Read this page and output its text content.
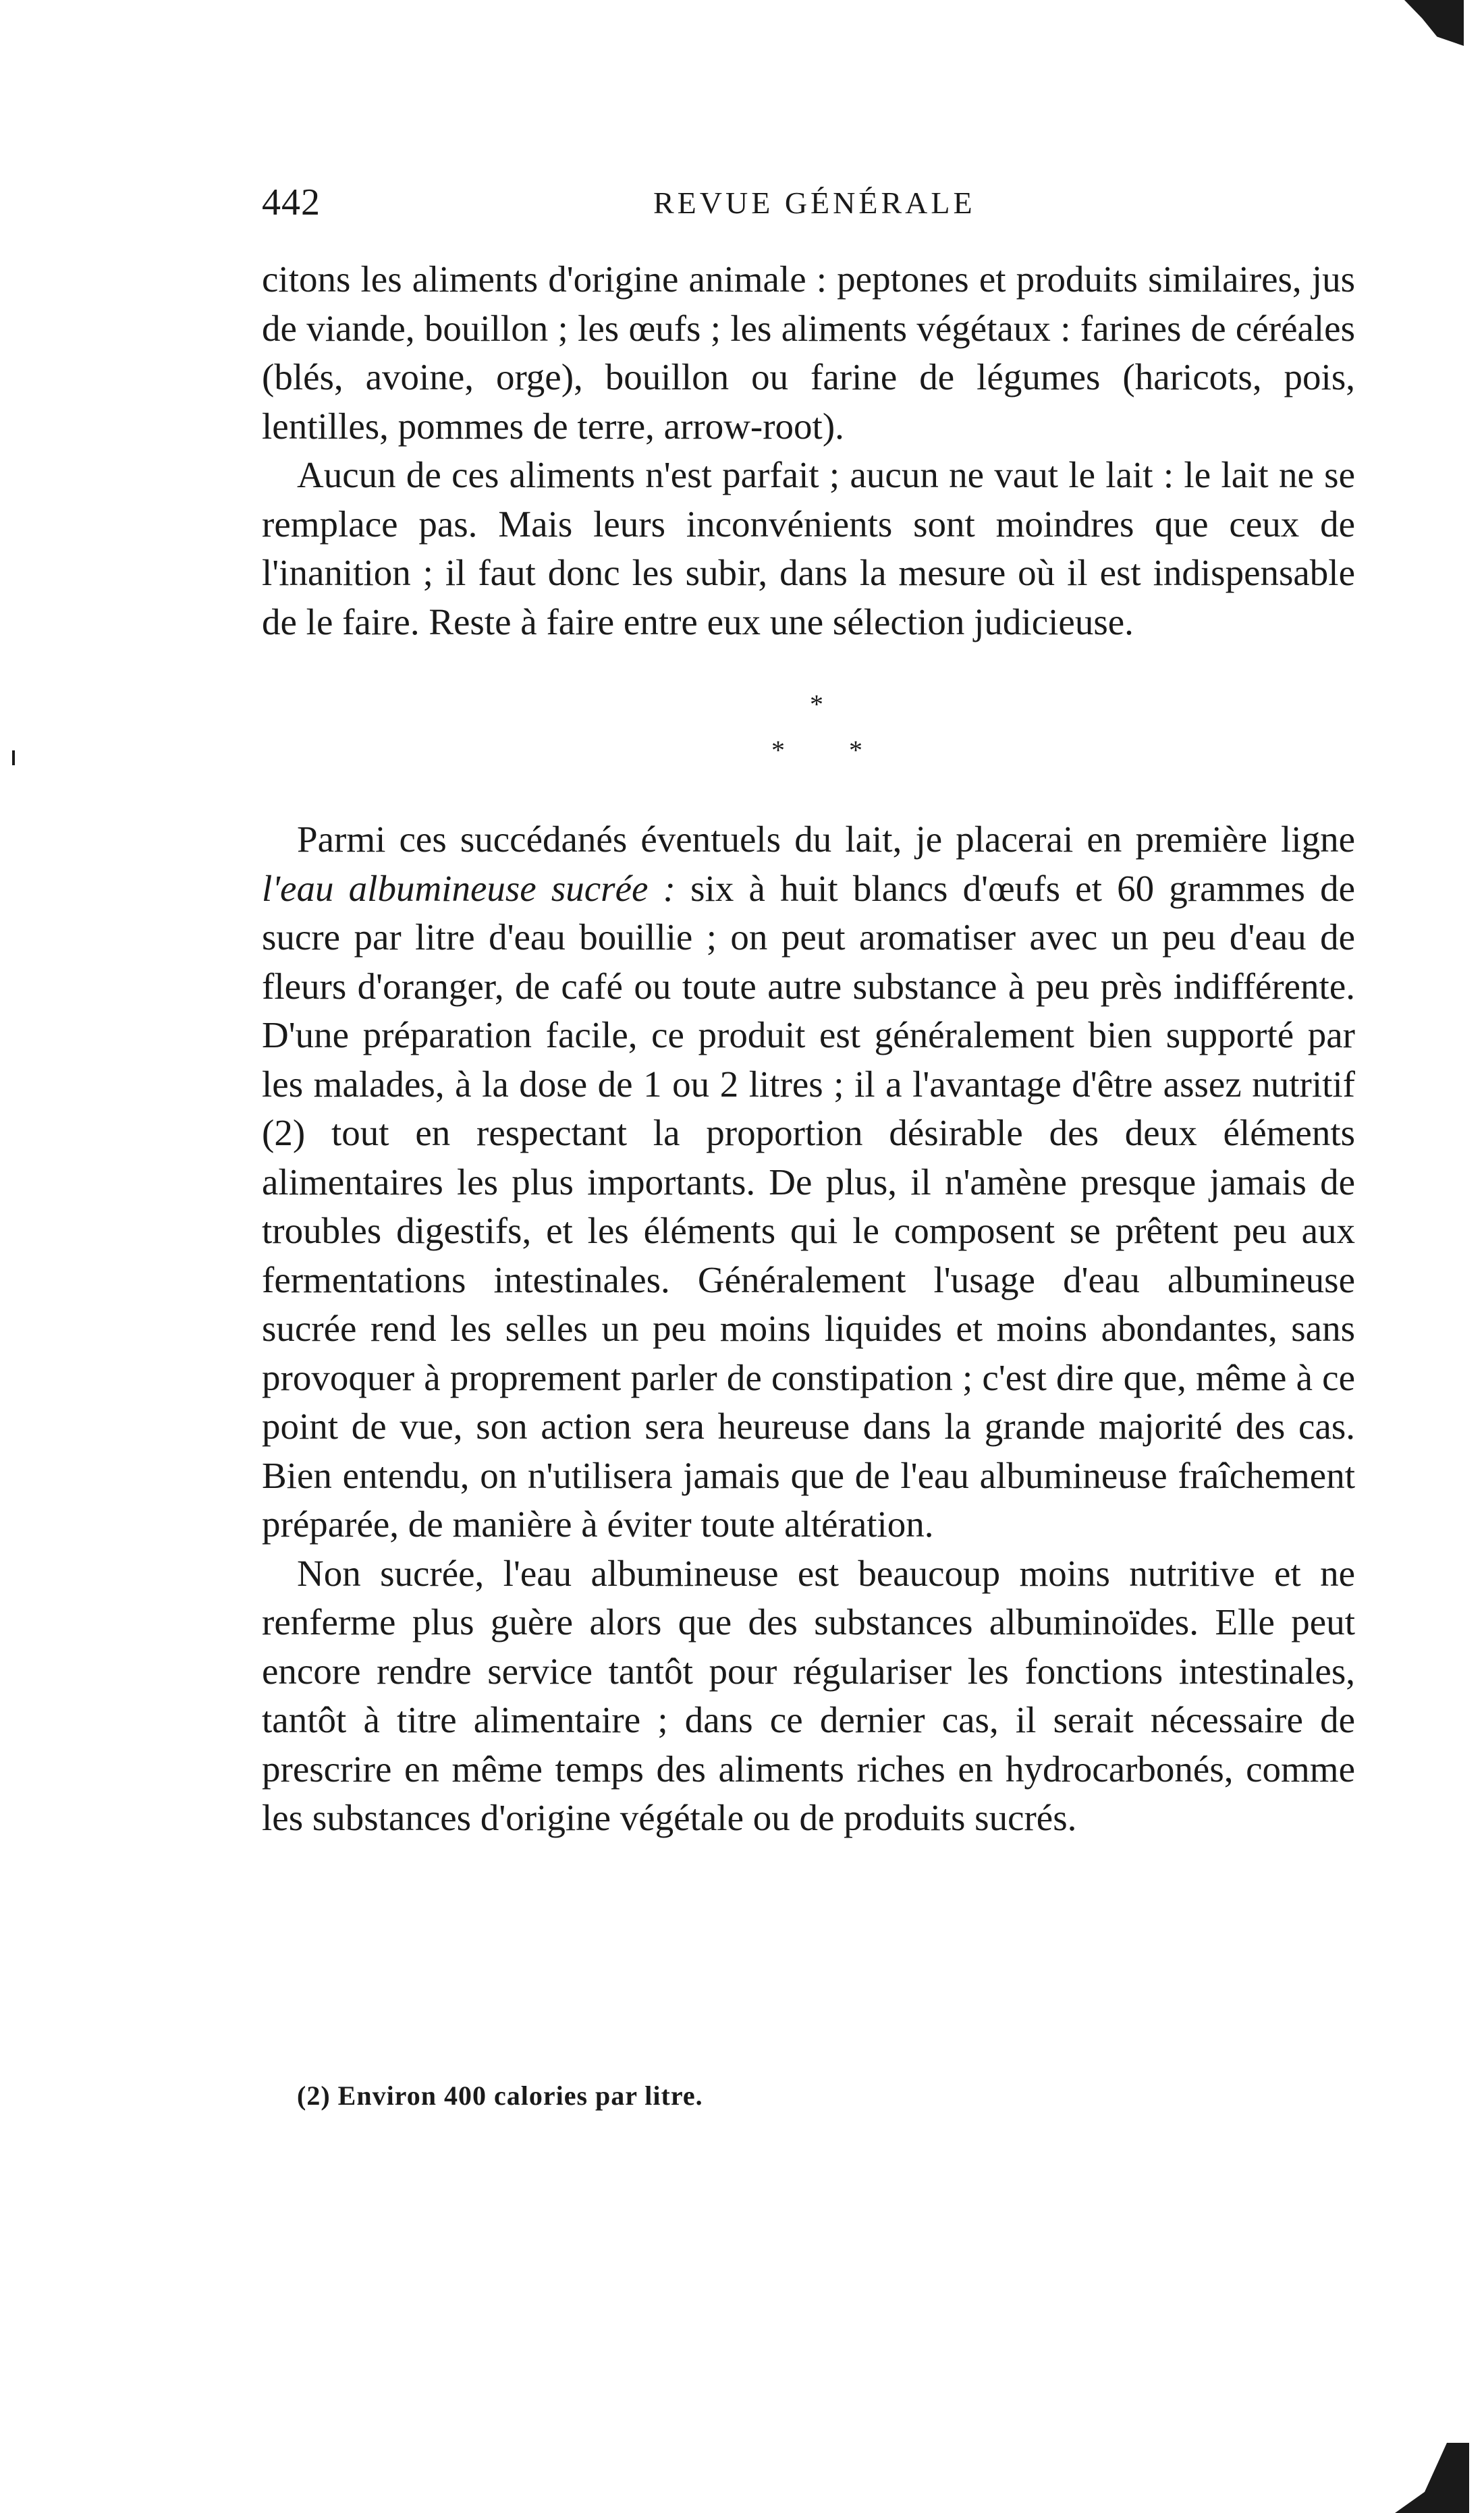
442	REVUE GÉNÉRALE

citons les aliments d'origine animale : peptones et produits similaires, jus de viande, bouillon ; les œufs ; les aliments végétaux : farines de céréales (blés, avoine, orge), bouillon ou farine de légumes (haricots, pois, lentilles, pommes de terre, arrow-root).

Aucun de ces aliments n'est parfait ; aucun ne vaut le lait : le lait ne se remplace pas. Mais leurs inconvénients sont moindres que ceux de l'inanition ; il faut donc les subir, dans la mesure où il est indispensable de le faire. Reste à faire entre eux une sélection judicieuse.

*
* *

Parmi ces succédanés éventuels du lait, je placerai en première ligne l'eau albumineuse sucrée : six à huit blancs d'œufs et 60 grammes de sucre par litre d'eau bouillie ; on peut aromatiser avec un peu d'eau de fleurs d'oranger, de café ou toute autre substance à peu près indifférente. D'une préparation facile, ce produit est généralement bien supporté par les malades, à la dose de 1 ou 2 litres ; il a l'avantage d'être assez nutritif (2) tout en respectant la proportion désirable des deux éléments alimentaires les plus importants. De plus, il n'amène presque jamais de troubles digestifs, et les éléments qui le composent se prêtent peu aux fermentations intestinales. Généralement l'usage d'eau albumineuse sucrée rend les selles un peu moins liquides et moins abondantes, sans provoquer à proprement parler de constipation ; c'est dire que, même à ce point de vue, son action sera heureuse dans la grande majorité des cas. Bien entendu, on n'utilisera jamais que de l'eau albumineuse fraîchement préparée, de manière à éviter toute altération.

Non sucrée, l'eau albumineuse est beaucoup moins nutritive et ne renferme plus guère alors que des substances albuminoïdes. Elle peut encore rendre service tantôt pour régulariser les fonctions intestinales, tantôt à titre alimentaire ; dans ce dernier cas, il serait nécessaire de prescrire en même temps des aliments riches en hydrocarbonés, comme les substances d'origine végétale ou de produits sucrés.

(2) Environ 400 calories par litre.
